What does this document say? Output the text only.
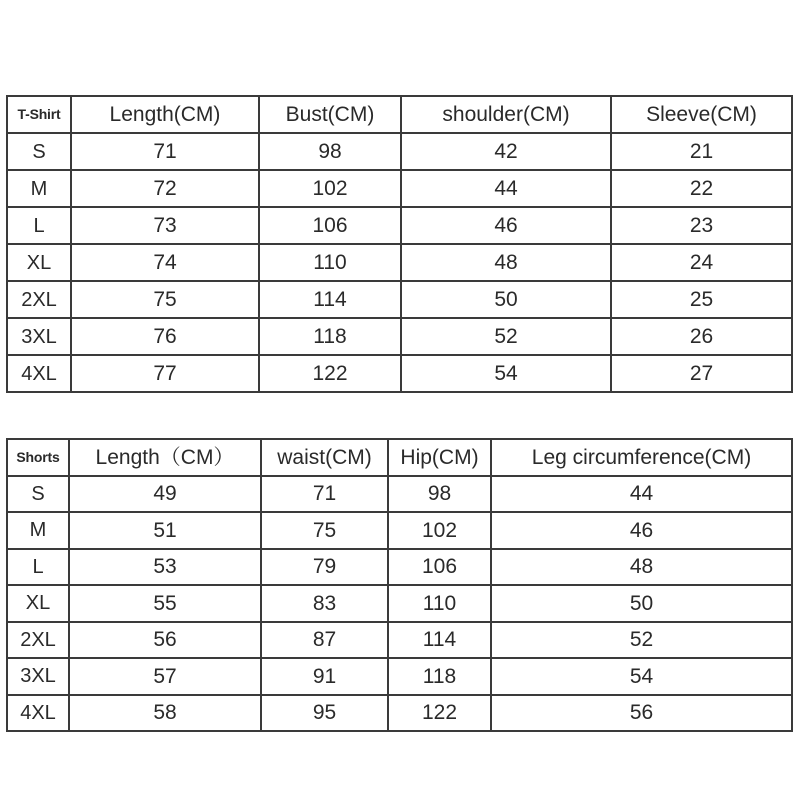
T-Shirt	Length(CM)	Bust(CM)	shoulder(CM)	Sleeve(CM)
S	71	98	42	21
M	72	102	44	22
L	73	106	46	23
XL	74	110	48	24
2XL	75	114	50	25
3XL	76	118	52	26
4XL	77	122	54	27
Shorts	Length（CM）	waist(CM)	Hip(CM)	Leg circumference(CM)
S	49	71	98	44
M	51	75	102	46
L	53	79	106	48
XL	55	83	110	50
2XL	56	87	114	52
3XL	57	91	118	54
4XL	58	95	122	56
